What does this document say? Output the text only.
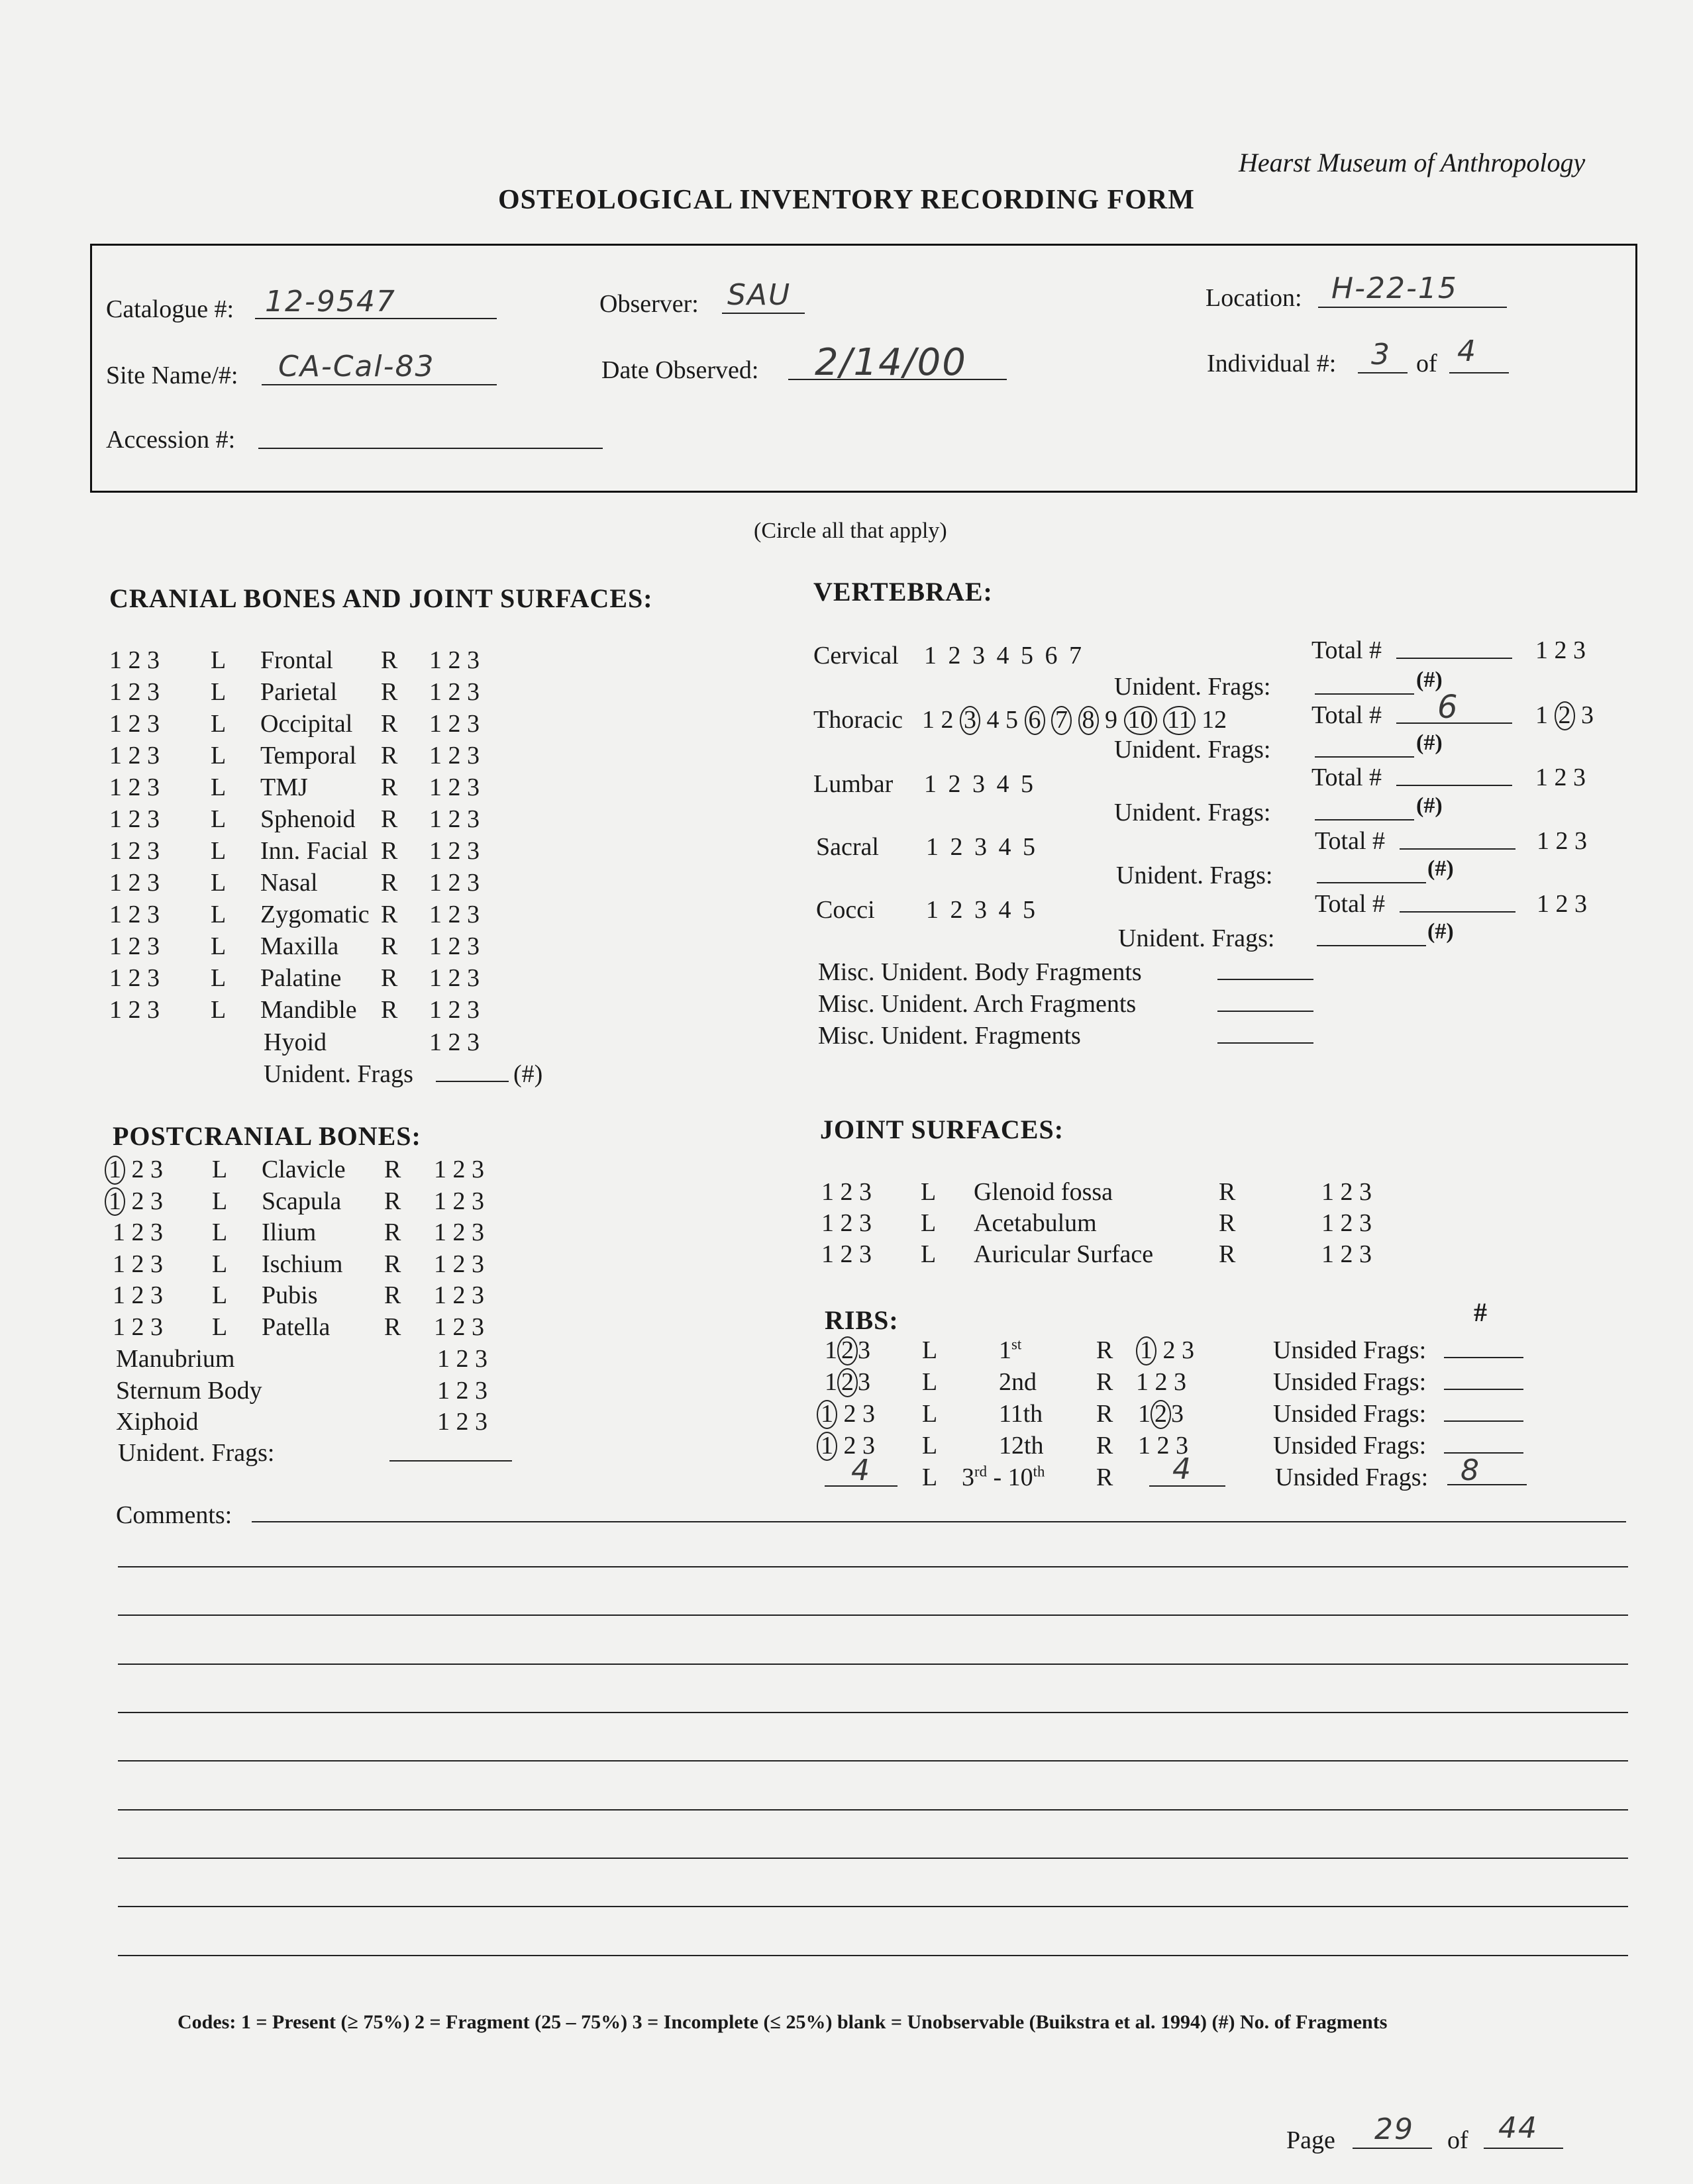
Hearst Museum of Anthropology
OSTEOLOGICAL INVENTORY RECORDING FORM
Catalogue #: 12-9547	Observer: SAU	Location: H-22-15
Site Name/#: CA-Cal-83	Date Observed: 2/14/00	Individual #: 3 of 4
Accession #:
(Circle all that apply)
CRANIAL BONES AND JOINT SURFACES:
Hyoid	1 2 3
Unident. Frags	(#)
VERTEBRAE:
Cervical 1 2 3 4 5 6 7	Total #	1 2 3
Unident. Frags:	(#)
Thoracic 1 2 3 4 5 6 7 8 9 10 11 12	Total # 6	1 2 3
Unident. Frags:	(#)
Lumbar 1 2 3 4 5	Total #	1 2 3
Unident. Frags:	(#)
Sacral 1 2 3 4 5	Total #	1 2 3
Unident. Frags:	(#)
Cocci 1 2 3 4 5	Total #	1 2 3
Unident. Frags:	(#)
Misc. Unident. Body Fragments
Misc. Unident. Arch Fragments
Misc. Unident. Fragments
POSTCRANIAL BONES:
Manubrium	1 2 3
Sternum Body	1 2 3
Xiphoid	1 2 3
Unident. Frags:
JOINT SURFACES:
RIBS:	#
1 2 3 L 1st	R 1 2 3	Unsided Frags:
1 2 3 L 2nd R 1 2 3	Unsided Frags:
1 2 3 L 11th R 1 2 3	Unsided Frags:
1 2 3 L 12th R 1 2 3	Unsided Frags:
4 L 3rd - 10th R 4	Unsided Frags: 8
Comments:
Codes: 1 = Present (≥ 75%) 2 = Fragment (25 – 75%) 3 = Incomplete (≤ 25%) blank = Unobservable (Buikstra et al. 1994) (#) No. of Fragments
Page 29 of 44
1 2 3 L Frontal R 1 2 3
1 2 3 L Parietal R 1 2 3
1 2 3 L Occipital R 1 2 3
1 2 3 L Temporal R 1 2 3
1 2 3 L TMJ	R 1 2 3
1 2 3 L Sphenoid R 1 2 3
1 2 3 L Inn. Facial R 1 2 3
1 2 3 L Nasal	R 1 2 3
1 2 3 L Zygomatic R 1 2 3
1 2 3 L Maxilla R 1 2 3
1 2 3 L Palatine R 1 2 3
1 2 3 L Mandible R 1 2 3
1 2 3 L Clavicle R 1 2 3
1 2 3 L Scapula R 1 2 3
1 2 3 L Ilium	R 1 2 3
1 2 3 L Ischium R 1 2 3
1 2 3 L Pubis	R 1 2 3
1 2 3 L Patella R 1 2 3
1 2 3 L Glenoid fossa	R	1 2 3
1 2 3 L Acetabulum	R	1 2 3
1 2 3 L Auricular Surface	R	1 2 3
